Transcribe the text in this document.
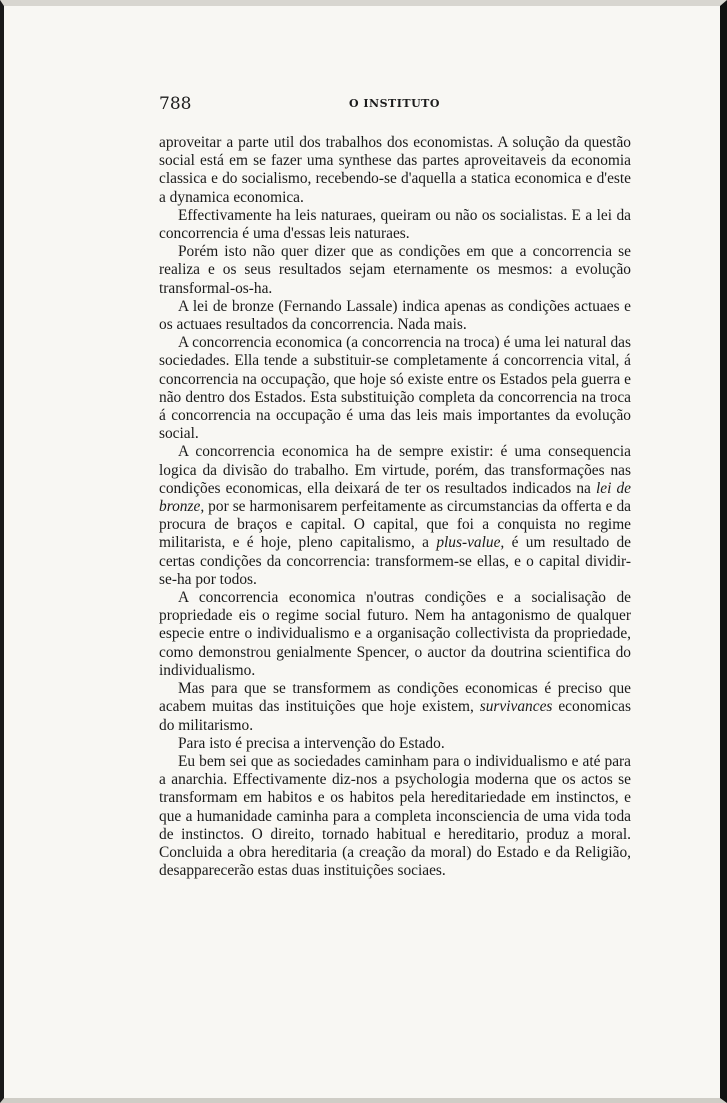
788	O INSTITUTO

aproveitar a parte util dos trabalhos dos economistas. A solução da questão social está em se fazer uma synthese das partes aproveitaveis da economia classica e do socialismo, recebendo-se d'aquella a statica economica e d'este a dynamica economica.

Effectivamente ha leis naturaes, queiram ou não os socialistas. E a lei da concorrencia é uma d'essas leis naturaes.

Porém isto não quer dizer que as condições em que a concorrencia se realiza e os seus resultados sejam eternamente os mesmos: a evolução transformal-os-ha.

A lei de bronze (Fernando Lassale) indica apenas as condições actuaes e os actuaes resultados da concorrencia. Nada mais.

A concorrencia economica (a concorrencia na troca) é uma lei natural das sociedades. Ella tende a substituir-se completamente á concorrencia vital, á concorrencia na occupação, que hoje só existe entre os Estados pela guerra e não dentro dos Estados. Esta substituição completa da concorrencia na troca á concorrencia na occupação é uma das leis mais importantes da evolução social.

A concorrencia economica ha de sempre existir: é uma consequencia logica da divisão do trabalho. Em virtude, porém, das transformações nas condições economicas, ella deixará de ter os resultados indicados na lei de bronze, por se harmonisarem perfeitamente as circumstancias da offerta e da procura de braços e capital. O capital, que foi a conquista no regime militarista, e é hoje, pleno capitalismo, a plus-value, é um resultado de certas condições da concorrencia: transformem-se ellas, e o capital dividir-se-ha por todos.

A concorrencia economica n'outras condições e a socialisação de propriedade eis o regime social futuro. Nem ha antagonismo de qualquer especie entre o individualismo e a organisação collectivista da propriedade, como demonstrou genialmente Spencer, o auctor da doutrina scientifica do individualismo.

Mas para que se transformem as condições economicas é preciso que acabem muitas das instituições que hoje existem, survivances economicas do militarismo.

Para isto é precisa a intervenção do Estado.

Eu bem sei que as sociedades caminham para o individualismo e até para a anarchia. Effectivamente diz-nos a psychologia moderna que os actos se transformam em habitos e os habitos pela hereditariedade em instinctos, e que a humanidade caminha para a completa inconsciencia de uma vida toda de instinctos. O direito, tornado habitual e hereditario, produz a moral. Concluida a obra hereditaria (a creação da moral) do Estado e da Religião, desapparecerão estas duas instituições sociaes.
